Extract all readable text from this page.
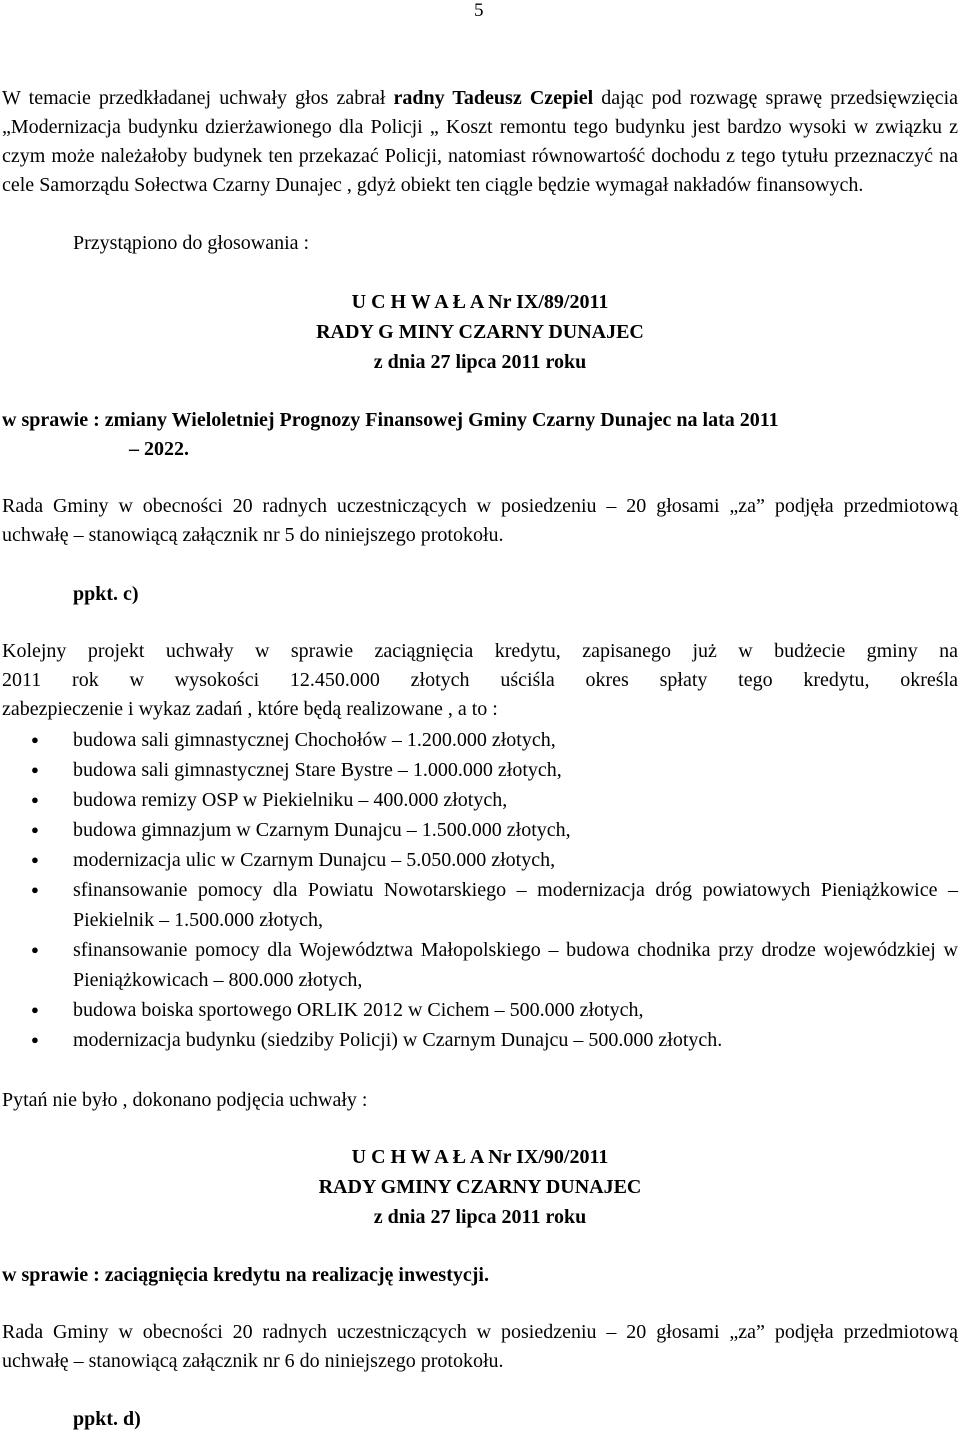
5
W temacie przedkładanej uchwały głos zabrał radny Tadeusz Czepiel dając pod rozwagę sprawę przedsięwzięcia „Modernizacja budynku dzierżawionego dla Policji „ Koszt remontu tego budynku jest bardzo wysoki w związku z czym może należałoby budynek ten przekazać Policji, natomiast równowartość dochodu z tego tytułu przeznaczyć na cele Samorządu Sołectwa Czarny Dunajec , gdyż obiekt ten ciągle będzie wymagał nakładów finansowych.
Przystąpiono do głosowania :
U C H W A Ł A Nr IX/89/2011
RADY G MINY CZARNY DUNAJEC
z dnia 27 lipca 2011 roku
w sprawie : zmiany Wieloletniej Prognozy Finansowej Gminy Czarny Dunajec na lata 2011
– 2022.
Rada Gminy w obecności 20 radnych uczestniczących w posiedzeniu – 20 głosami „za” podjęła przedmiotową uchwałę – stanowiącą załącznik nr 5 do niniejszego protokołu.
ppkt. c)
Kolejny projekt uchwały w sprawie zaciągnięcia kredytu, zapisanego już w budżecie gminy na
2011 rok w wysokości 12.450.000 złotych uściśla okres spłaty tego kredytu, określa
zabezpieczenie i wykaz zadań , które będą realizowane , a to :
● budowa sali gimnastycznej Chochołów – 1.200.000 złotych,
● budowa sali gimnastycznej Stare Bystre – 1.000.000 złotych,
● budowa remizy OSP w Piekielniku – 400.000 złotych,
● budowa gimnazjum w Czarnym Dunajcu – 1.500.000 złotych,
● modernizacja ulic w Czarnym Dunajcu – 5.050.000 złotych,
● sfinansowanie pomocy dla Powiatu Nowotarskiego – modernizacja dróg powiatowych Pieniążkowice – Piekielnik – 1.500.000 złotych,
● sfinansowanie pomocy dla Województwa Małopolskiego – budowa chodnika przy drodze wojewódzkiej w Pieniążkowicach – 800.000 złotych,
● budowa boiska sportowego ORLIK 2012 w Cichem – 500.000 złotych,
● modernizacja budynku (siedziby Policji) w Czarnym Dunajcu – 500.000 złotych.
Pytań nie było , dokonano podjęcia uchwały :
U C H W A Ł A Nr IX/90/2011
RADY GMINY CZARNY DUNAJEC
z dnia 27 lipca 2011 roku
w sprawie : zaciągnięcia kredytu na realizację inwestycji.
Rada Gminy w obecności 20 radnych uczestniczących w posiedzeniu – 20 głosami „za” podjęła przedmiotową uchwałę – stanowiącą załącznik nr 6 do niniejszego protokołu.
ppkt. d)
